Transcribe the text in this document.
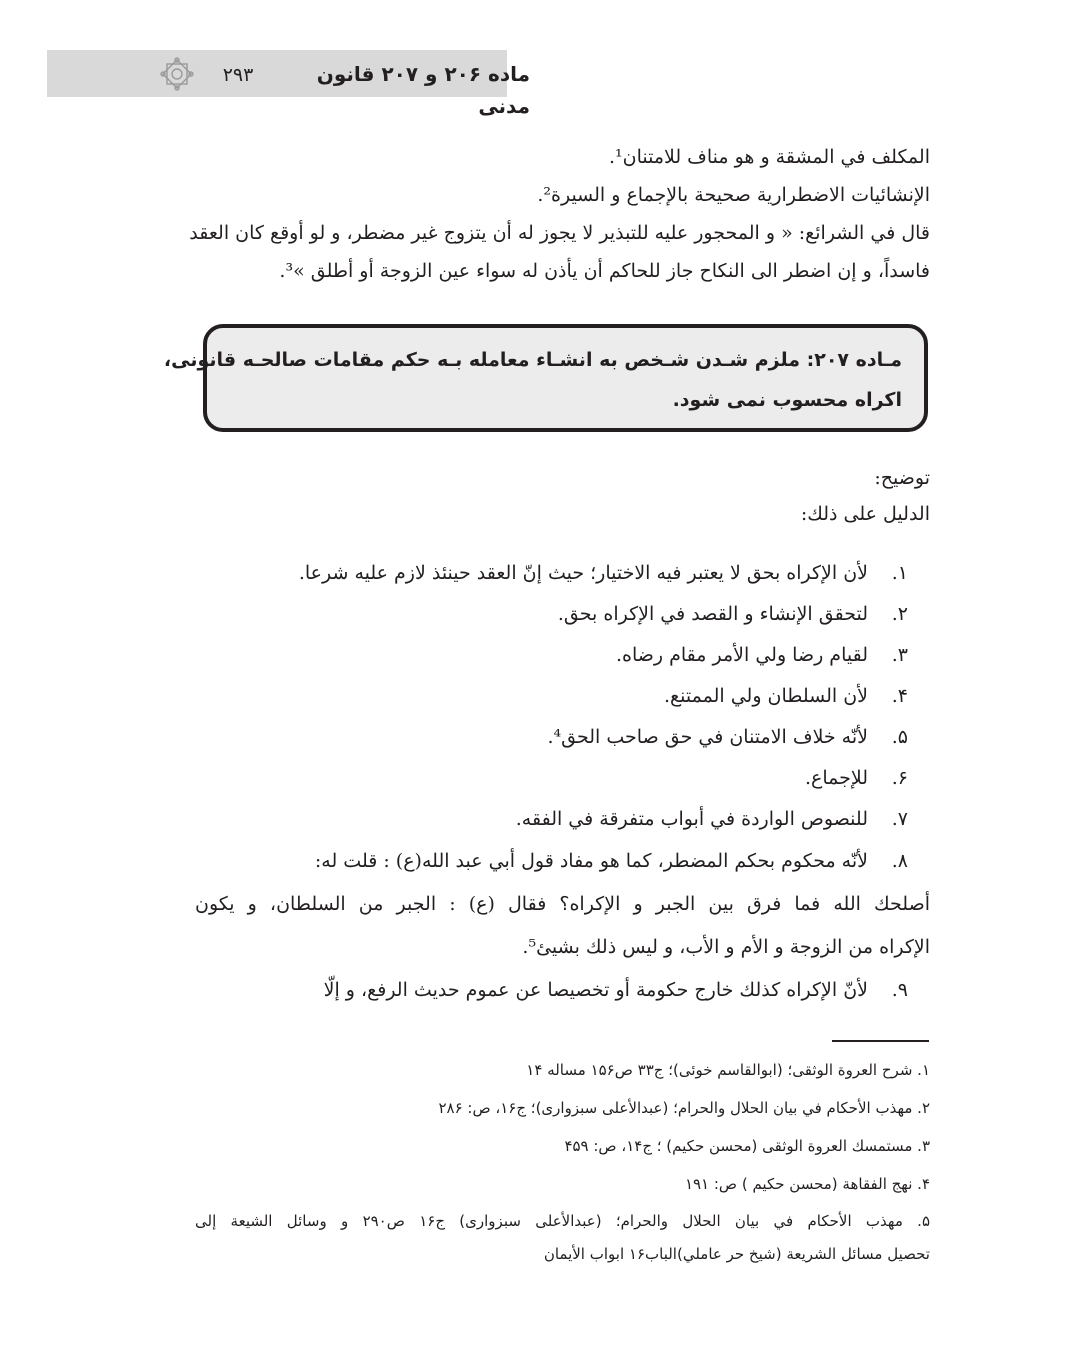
۲۹۳	ماده ۲۰۶ و ۲۰۷ قانون مدنی
المكلف في المشقة و هو مناف للامتنان¹.
الإنشائيات الاضطرارية صحيحة بالإجماع و السيرة².
قال في الشرائع: « و المحجور عليه للتبذير لا يجوز له أن يتزوج غير مضطر، و لو أوقع كان العقد
فاسداً، و إن اضطر الى النكاح جاز للحاكم أن يأذن له سواء عين الزوجة أو أطلق »³.
مـاده ۲۰۷: ملزم شـدن شـخص به انشـاء معامله بـه حکم مقامات صالحـه قانونی،
اکراه محسوب نمی شود.
توضیح:
الدليل على ذلك:
۱.لأن الإكراه بحق لا يعتبر فيه الاختيار؛ حيث إنّ العقد حينئذ لازم عليه شرعا.
۲.لتحقق الإنشاء و القصد في الإكراه بحق.
۳.لقيام رضا ولي الأمر مقام رضاه.
۴.لأن السلطان ولي الممتنع.
۵.لأنّه خلاف الامتنان في حق صاحب الحق⁴.
۶.للإجماع.
۷.للنصوص الواردة في أبواب متفرقة في الفقه.
۸.لأنّه محكوم بحكم المضطر، كما هو مفاد قول أبي عبد الله(ع) : قلت له:
أصلحك الله فما فرق بين الجبر و الإكراه؟ فقال (ع) : الجبر من السلطان، و يكون
الإكراه من الزوجة و الأم و الأب، و ليس ذلك بشيئ⁵.
۹.لأنّ الإكراه كذلك خارج حكومة أو تخصيصا عن عموم حديث الرفع، و إلّا
۱. شرح العروة الوثقى؛ (ابوالقاسم خوئى)؛ ج۳۳ ص۱۵۶ مساله ۱۴
۲. مهذب الأحكام في بيان الحلال والحرام؛ (عبدالأعلى سبزوارى)؛ ج۱۶، ص: ۲۸۶
۳. مستمسك العروة الوثقى (محسن حكيم) ؛ ج۱۴، ص: ۴۵۹
۴. نهج الفقاهة (محسن حكيم ) ص: ۱۹۱
۵. مهذب الأحكام في بيان الحلال والحرام؛ (عبدالأعلى سبزوارى) ج۱۶ ص۲۹۰ و وسائل الشيعة إلى
تحصيل مسائل الشريعة (شيخ حر عاملي)الباب۱۶ ابواب الأيمان
